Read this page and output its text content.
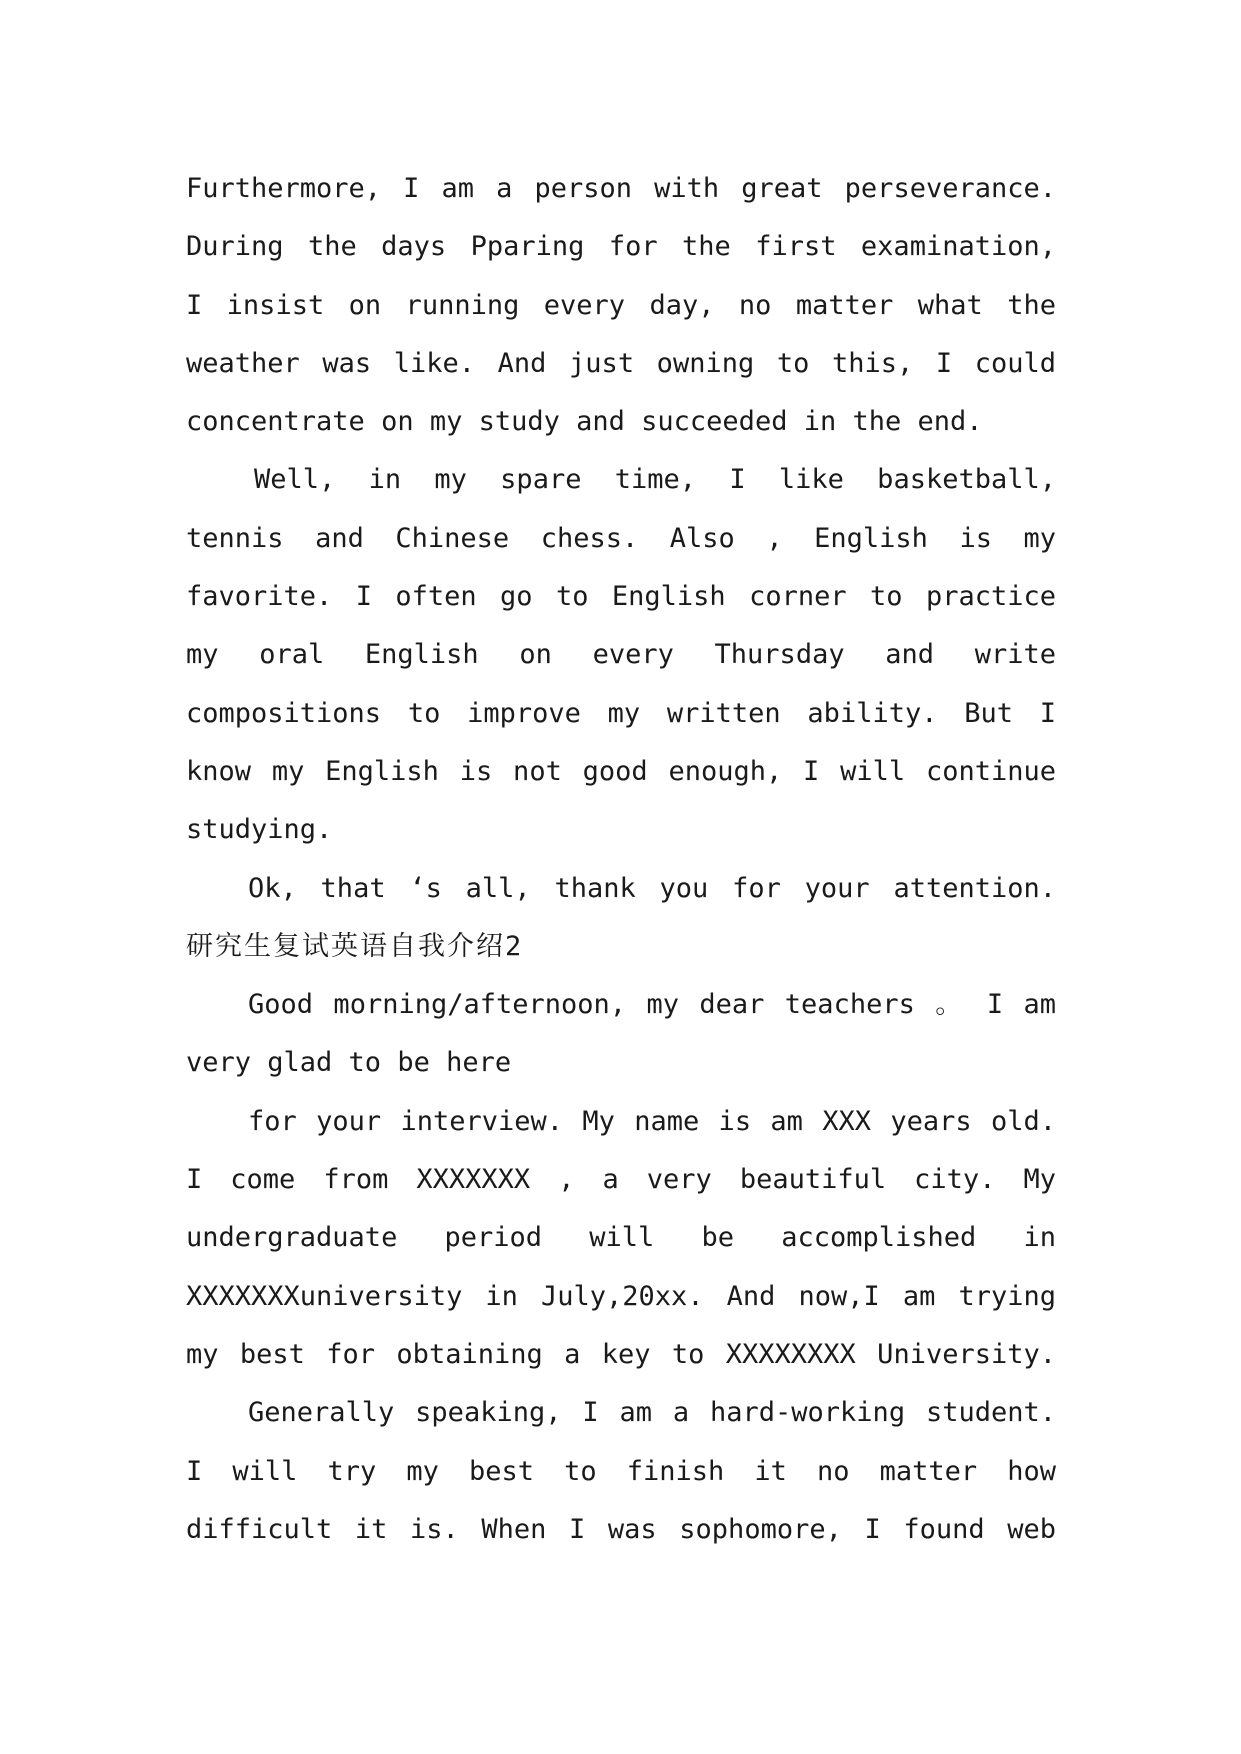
Furthermore, I am a person with great perseverance.
During the days Pparing for the first examination,
I insist on running every day, no matter what the
weather was like. And just owning to this, I could
concentrate on my study and succeeded in the end.
Well, in my spare time, I like basketball,
tennis and Chinese chess. Also , English is my
favorite. I often go to English corner to practice
my oral English on every Thursday and write
compositions to improve my written ability. But I
know my English is not good enough, I will continue
studying.
Ok, that ‘s all, thank you for your attention.
研究生复试英语自我介绍2
Good morning/afternoon, my dear teachers 。 I am
very glad to be here
for your interview. My name is am XXX years old.
I come from XXXXXXX , a very beautiful city. My
undergraduate period will be accomplished in
XXXXXXXuniversity in July,20xx. And now,I am trying
my best for obtaining a key to XXXXXXXX University.
Generally speaking, I am a hard-working student.
I will try my best to finish it no matter how
difficult it is. When I was sophomore, I found web
